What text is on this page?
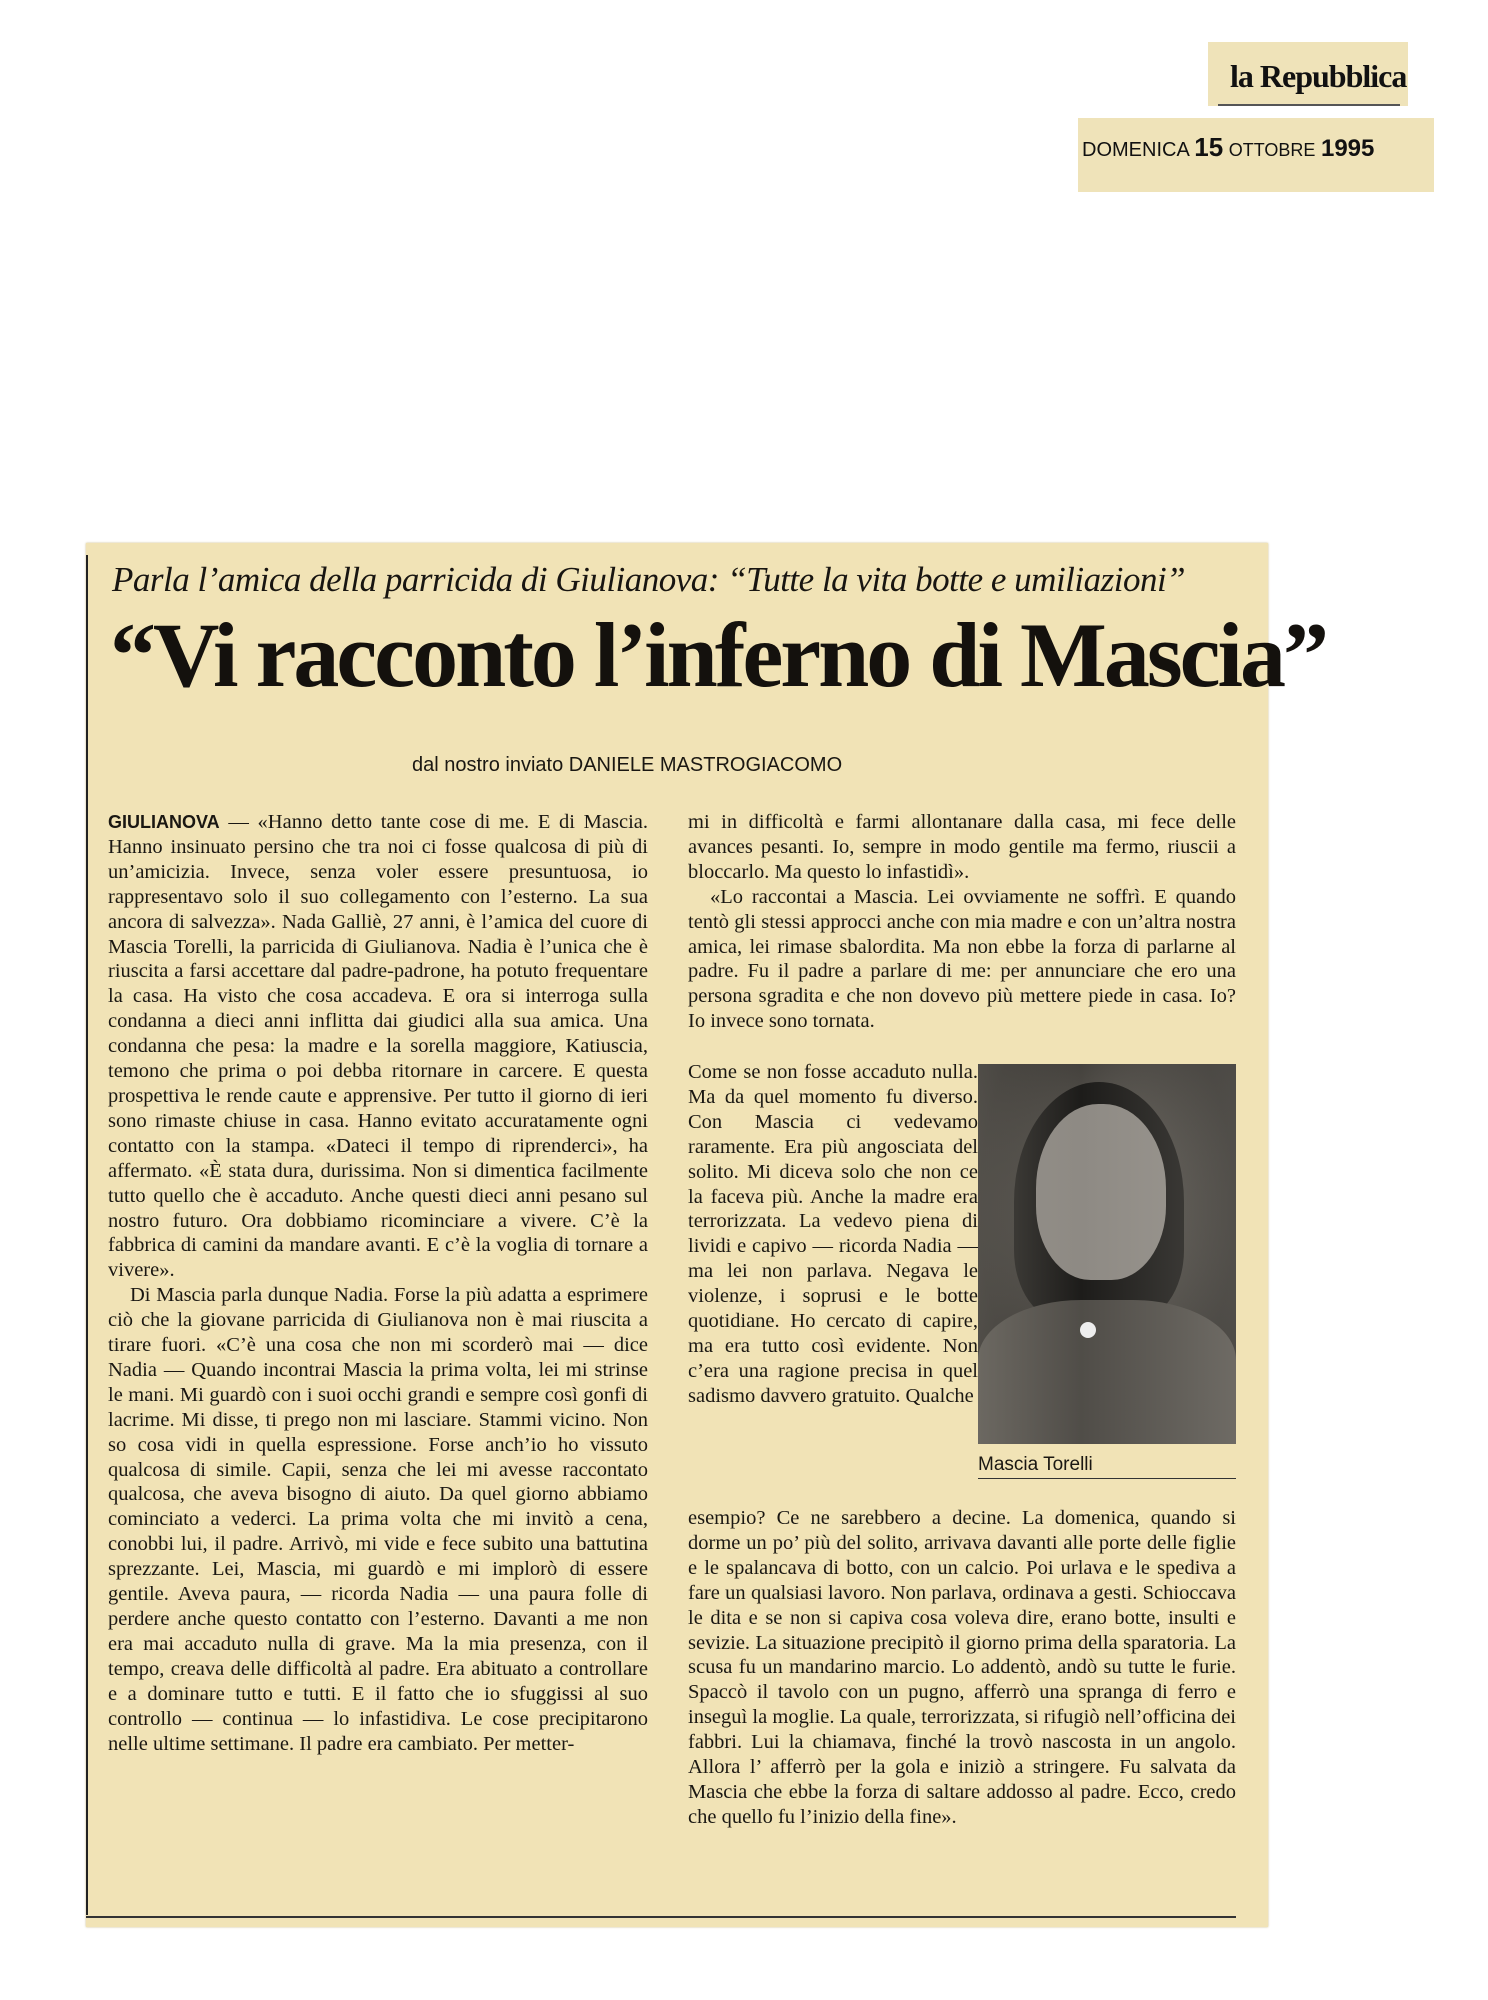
la Repubblica
DOMENICA 15 OTTOBRE 1995
Parla l’amica della parricida di Giulianova: “Tutte la vita botte e umiliazioni”
“Vi racconto l’inferno di Mascia”
dal nostro inviato DANIELE MASTROGIACOMO

GIULIANOVA — «Hanno detto tante cose di me. E di Mascia. Hanno insinuato persino che tra noi ci fosse qualcosa di più di un’amicizia. Invece, senza voler essere presuntuosa, io rappresentavo solo il suo collegamento con l’esterno. La sua ancora di salvezza». Nada Galliè, 27 anni, è l’amica del cuore di Mascia Torelli, la parricida di Giulianova. Nadia è l’unica che è riuscita a farsi accettare dal padre-padrone, ha potuto frequentare la casa. Ha visto che cosa accadeva. E ora si interroga sulla condanna a dieci anni inflitta dai giudici alla sua amica. Una condanna che pesa: la madre e la sorella maggiore, Katiuscia, temono che prima o poi debba ritornare in carcere. E questa prospettiva le rende caute e apprensive. Per tutto il giorno di ieri sono rimaste chiuse in casa. Hanno evitato accuratamente ogni contatto con la stampa. «Dateci il tempo di riprenderci», ha affermato. «È stata dura, durissima. Non si dimentica facilmente tutto quello che è accaduto. Anche questi dieci anni pesano sul nostro futuro. Ora dobbiamo ricominciare a vivere. C’è la fabbrica di camini da mandare avanti. E c’è la voglia di tornare a vivere».

Di Mascia parla dunque Nadia. Forse la più adatta a esprimere ciò che la giovane parricida di Giulianova non è mai riuscita a tirare fuori. «C’è una cosa che non mi scorderò mai — dice Nadia — Quando incontrai Mascia la prima volta, lei mi strinse le mani. Mi guardò con i suoi occhi grandi e sempre così gonfi di lacrime. Mi disse, ti prego non mi lasciare. Stammi vicino. Non so cosa vidi in quella espressione. Forse anch’io ho vissuto qualcosa di simile. Capii, senza che lei mi avesse raccontato qualcosa, che aveva bisogno di aiuto. Da quel giorno abbiamo cominciato a vederci. La prima volta che mi invitò a cena, conobbi lui, il padre. Arrivò, mi vide e fece subito una battutina sprezzante. Lei, Mascia, mi guardò e mi implorò di essere gentile. Aveva paura, — ricorda Nadia — una paura folle di perdere anche questo contatto con l’esterno. Davanti a me non era mai accaduto nulla di grave. Ma la mia presenza, con il tempo, creava delle difficoltà al padre. Era abituato a controllare e a dominare tutto e tutti. E il fatto che io sfuggissi al suo controllo — continua — lo infastidiva. Le cose precipitarono nelle ultime settimane. Il padre era cambiato. Per metter-

mi in difficoltà e farmi allontanare dalla casa, mi fece delle avances pesanti. Io, sempre in modo gentile ma fermo, riuscii a bloccarlo. Ma questo lo infastidì».

«Lo raccontai a Mascia. Lei ovviamente ne soffrì. E quando tentò gli stessi approcci anche con mia madre e con un’altra nostra amica, lei rimase sbalordita. Ma non ebbe la forza di parlarne al padre. Fu il padre a parlare di me: per annunciare che ero una persona sgradita e che non dovevo più mettere piede in casa. Io? Io invece sono tornata.

Come se non fosse accaduto nulla. Ma da quel momento fu diverso. Con Mascia ci vedevamo raramente. Era più angosciata del solito. Mi diceva solo che non ce la faceva più. Anche la madre era terrorizzata. La vedevo piena di lividi e capivo — ricorda Nadia — ma lei non parlava. Negava le violenze, i soprusi e le botte quotidiane. Ho cercato di capire, ma era tutto così evidente. Non c’era una ragione precisa in quel sadismo davvero gratuito. Qualche

Mascia Torelli

esempio? Ce ne sarebbero a decine. La domenica, quando si dorme un po’ più del solito, arrivava davanti alle porte delle figlie e le spalancava di botto, con un calcio. Poi urlava e le spediva a fare un qualsiasi lavoro. Non parlava, ordinava a gesti. Schioccava le dita e se non si capiva cosa voleva dire, erano botte, insulti e sevizie. La situazione precipitò il giorno prima della sparatoria. La scusa fu un mandarino marcio. Lo addentò, andò su tutte le furie. Spaccò il tavolo con un pugno, afferrò una spranga di ferro e inseguì la moglie. La quale, terrorizzata, si rifugiò nell’officina dei fabbri. Lui la chiamava, finché la trovò nascosta in un angolo. Allora l’ afferrò per la gola e iniziò a stringere. Fu salvata da Mascia che ebbe la forza di saltare addosso al padre. Ecco, credo che quello fu l’inizio della fine».
